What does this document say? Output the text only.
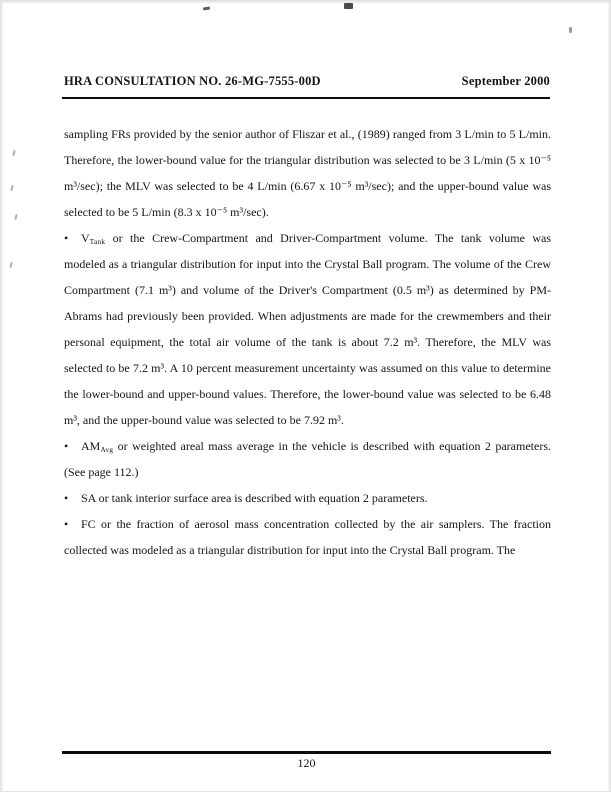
HRA CONSULTATION NO. 26-MG-7555-00D	September 2000

sampling FRs provided by the senior author of Fliszar et al., (1989) ranged from 3 L/min to 5 L/min. Therefore, the lower-bound value for the triangular distribution was selected to be 3 L/min (5 x 10⁻⁵ m³/sec); the MLV was selected to be 4 L/min (6.67 x 10⁻⁵ m³/sec); and the upper-bound value was selected to be 5 L/min (8.3 x 10⁻⁵ m³/sec).

• $V_{Tank}$ or the Crew-Compartment and Driver-Compartment volume. The tank volume was modeled as a triangular distribution for input into the Crystal Ball program. The volume of the Crew Compartment (7.1 m³) and volume of the Driver's Compartment (0.5 m³) as determined by PM-Abrams had previously been provided. When adjustments are made for the crewmembers and their personal equipment, the total air volume of the tank is about 7.2 m³. Therefore, the MLV was selected to be 7.2 m³. A 10 percent measurement uncertainty was assumed on this value to determine the lower-bound and upper-bound values. Therefore, the lower-bound value was selected to be 6.48 m³, and the upper-bound value was selected to be 7.92 m³.

• $AM_{Avg}$ or weighted areal mass average in the vehicle is described with equation 2 parameters. (See page 112.)

• SA or tank interior surface area is described with equation 2 parameters.

• FC or the fraction of aerosol mass concentration collected by the air samplers. The fraction collected was modeled as a triangular distribution for input into the Crystal Ball program. The

120
